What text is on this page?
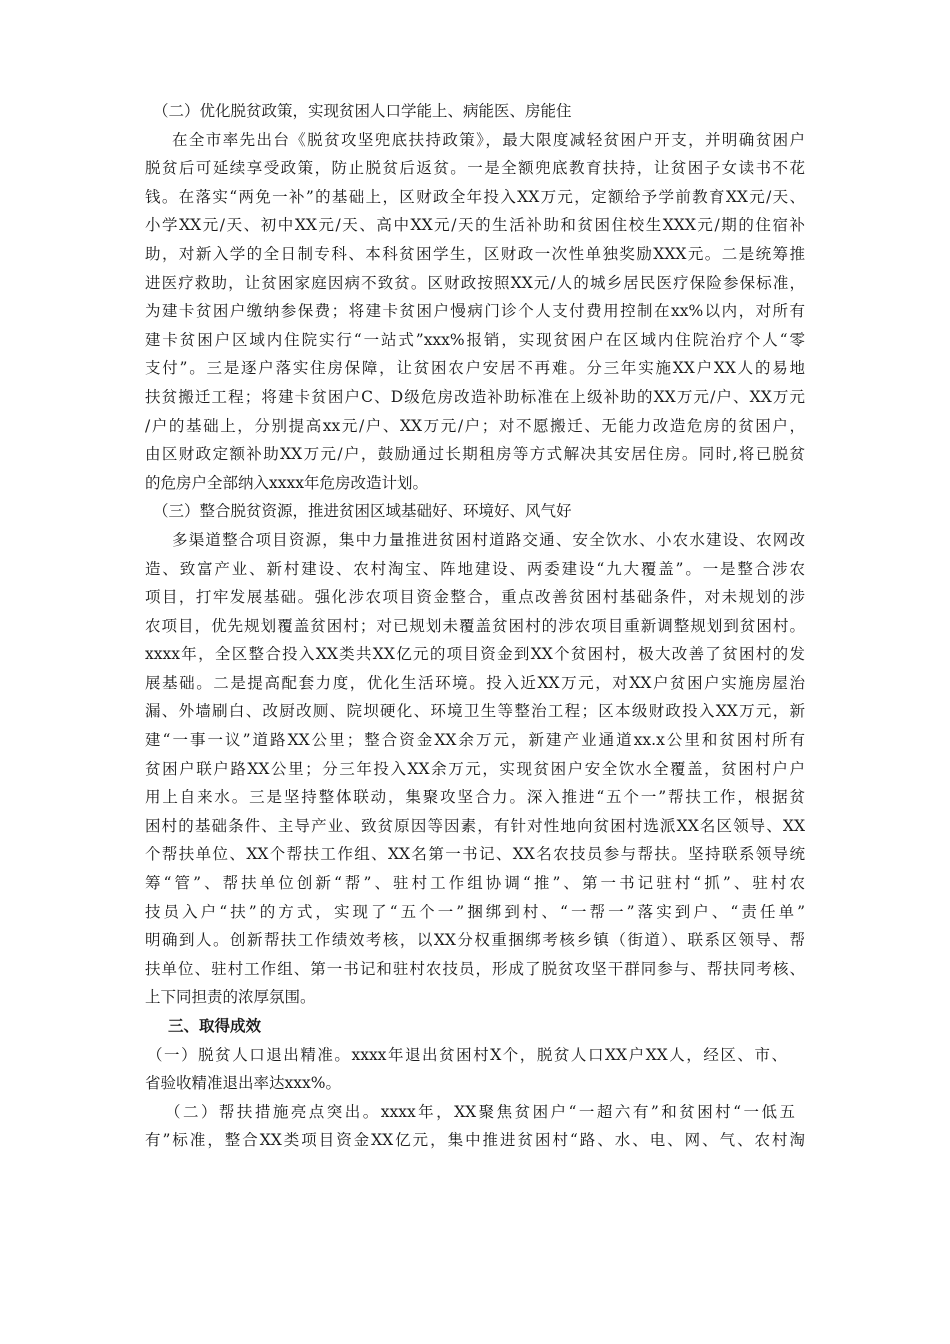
（二）优化脱贫政策，实现贫困人口学能上、病能医、房能住
在全市率先出台《脱贫攻坚兜底扶持政策》，最大限度减轻贫困户开支，并明确贫困户
脱贫后可延续享受政策，防止脱贫后返贫。一是全额兜底教育扶持，让贫困子女读书不花
钱。在落实“两免一补”的基础上，区财政全年投入XX万元，定额给予学前教育XX元/天、
小学XX元/天、初中XX元/天、高中XX元/天的生活补助和贫困住校生XXX元/期的住宿补
助，对新入学的全日制专科、本科贫困学生，区财政一次性单独奖励XXX元。二是统筹推
进医疗救助，让贫困家庭因病不致贫。区财政按照XX元/人的城乡居民医疗保险参保标准，
为建卡贫困户缴纳参保费；将建卡贫困户慢病门诊个人支付费用控制在xx%以内，对所有
建卡贫困户区域内住院实行“一站式”xxx%报销，实现贫困户在区域内住院治疗个人“零
支付”。三是逐户落实住房保障，让贫困农户安居不再难。分三年实施XX户XX人的易地
扶贫搬迁工程；将建卡贫困户C、D级危房改造补助标准在上级补助的XX万元/户、XX万元
/户的基础上，分别提高xx元/户、XX万元/户；对不愿搬迁、无能力改造危房的贫困户，
由区财政定额补助XX万元/户，鼓励通过长期租房等方式解决其安居住房。同时,将已脱贫
的危房户全部纳入xxxx年危房改造计划。
（三）整合脱贫资源，推进贫困区域基础好、环境好、风气好
多渠道整合项目资源，集中力量推进贫困村道路交通、安全饮水、小农水建设、农网改
造、致富产业、新村建设、农村淘宝、阵地建设、两委建设“九大覆盖”。一是整合涉农
项目，打牢发展基础。强化涉农项目资金整合，重点改善贫困村基础条件，对未规划的涉
农项目，优先规划覆盖贫困村；对已规划未覆盖贫困村的涉农项目重新调整规划到贫困村。
xxxx年，全区整合投入XX类共XX亿元的项目资金到XX个贫困村，极大改善了贫困村的发
展基础。二是提高配套力度，优化生活环境。投入近XX万元，对XX户贫困户实施房屋治
漏、外墙刷白、改厨改厕、院坝硬化、环境卫生等整治工程；区本级财政投入XX万元，新
建“一事一议”道路XX公里；整合资金XX余万元，新建产业通道xx.x公里和贫困村所有
贫困户联户路XX公里；分三年投入XX余万元，实现贫困户安全饮水全覆盖，贫困村户户
用上自来水。三是坚持整体联动，集聚攻坚合力。深入推进“五个一”帮扶工作，根据贫
困村的基础条件、主导产业、致贫原因等因素，有针对性地向贫困村选派XX名区领导、XX
个帮扶单位、XX个帮扶工作组、XX名第一书记、XX名农技员参与帮扶。坚持联系领导统
筹“管”、帮扶单位创新“帮”、驻村工作组协调“推”、第一书记驻村“抓”、驻村农
技员入户“扶”的方式，实现了“五个一”捆绑到村、“一帮一”落实到户、“责任单”
明确到人。创新帮扶工作绩效考核，以XX分权重捆绑考核乡镇（街道）、联系区领导、帮
扶单位、驻村工作组、第一书记和驻村农技员，形成了脱贫攻坚干群同参与、帮扶同考核、
上下同担责的浓厚氛围。
三、取得成效
（一）脱贫人口退出精准。xxxx年退出贫困村X个，脱贫人口XX户XX人，经区、市、
省验收精准退出率达xxx%。
（二）帮扶措施亮点突出。xxxx年，XX聚焦贫困户“一超六有”和贫困村“一低五
有”标准，整合XX类项目资金XX亿元，集中推进贫困村“路、水、电、网、气、农村淘
